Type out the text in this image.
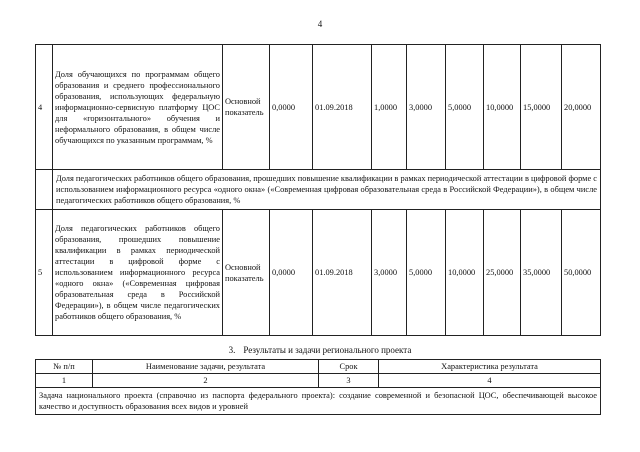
4
4	Доля обучающихся по программам общего образования и среднего профессионального образования, использующих федеральную информационно-сервисную платформу ЦОС для «горизонтального» обучения и неформального образования, в общем числе обучающихся по указанным программам, %	Основной показатель	0,0000	01.09.2018	1,0000	3,0000	5,0000	10,0000	15,0000	20,0000
	Доля педагогических работников общего образования, прошедших повышение квалификации в рамках периодической аттестации в цифровой форме с использованием информационного ресурса «одного окна» («Современная цифровая образовательная среда в Российской Федерации»), в общем числе педагогических работников общего образования, %									
5	Доля педагогических работников общего образования, прошедших повышение квалификации в рамках периодической аттестации в цифровой форме с использованием информационного ресурса «одного окна» («Современная цифровая образовательная среда в Российской Федерации»), в общем числе педагогических работников общего образования, %	Основной показатель	0,0000	01.09.2018	3,0000	5,0000	10,0000	25,0000	35,0000	50,0000
3. Результаты и задачи регионального проекта
№ п/п	Наименование задачи, результата	Срок	Характеристика результата
1	2	3	4
Задача национального проекта (справочно из паспорта федерального проекта): создание современной и безопасной ЦОС, обеспечивающей высокое качество и доступность образования всех видов и уровней			
